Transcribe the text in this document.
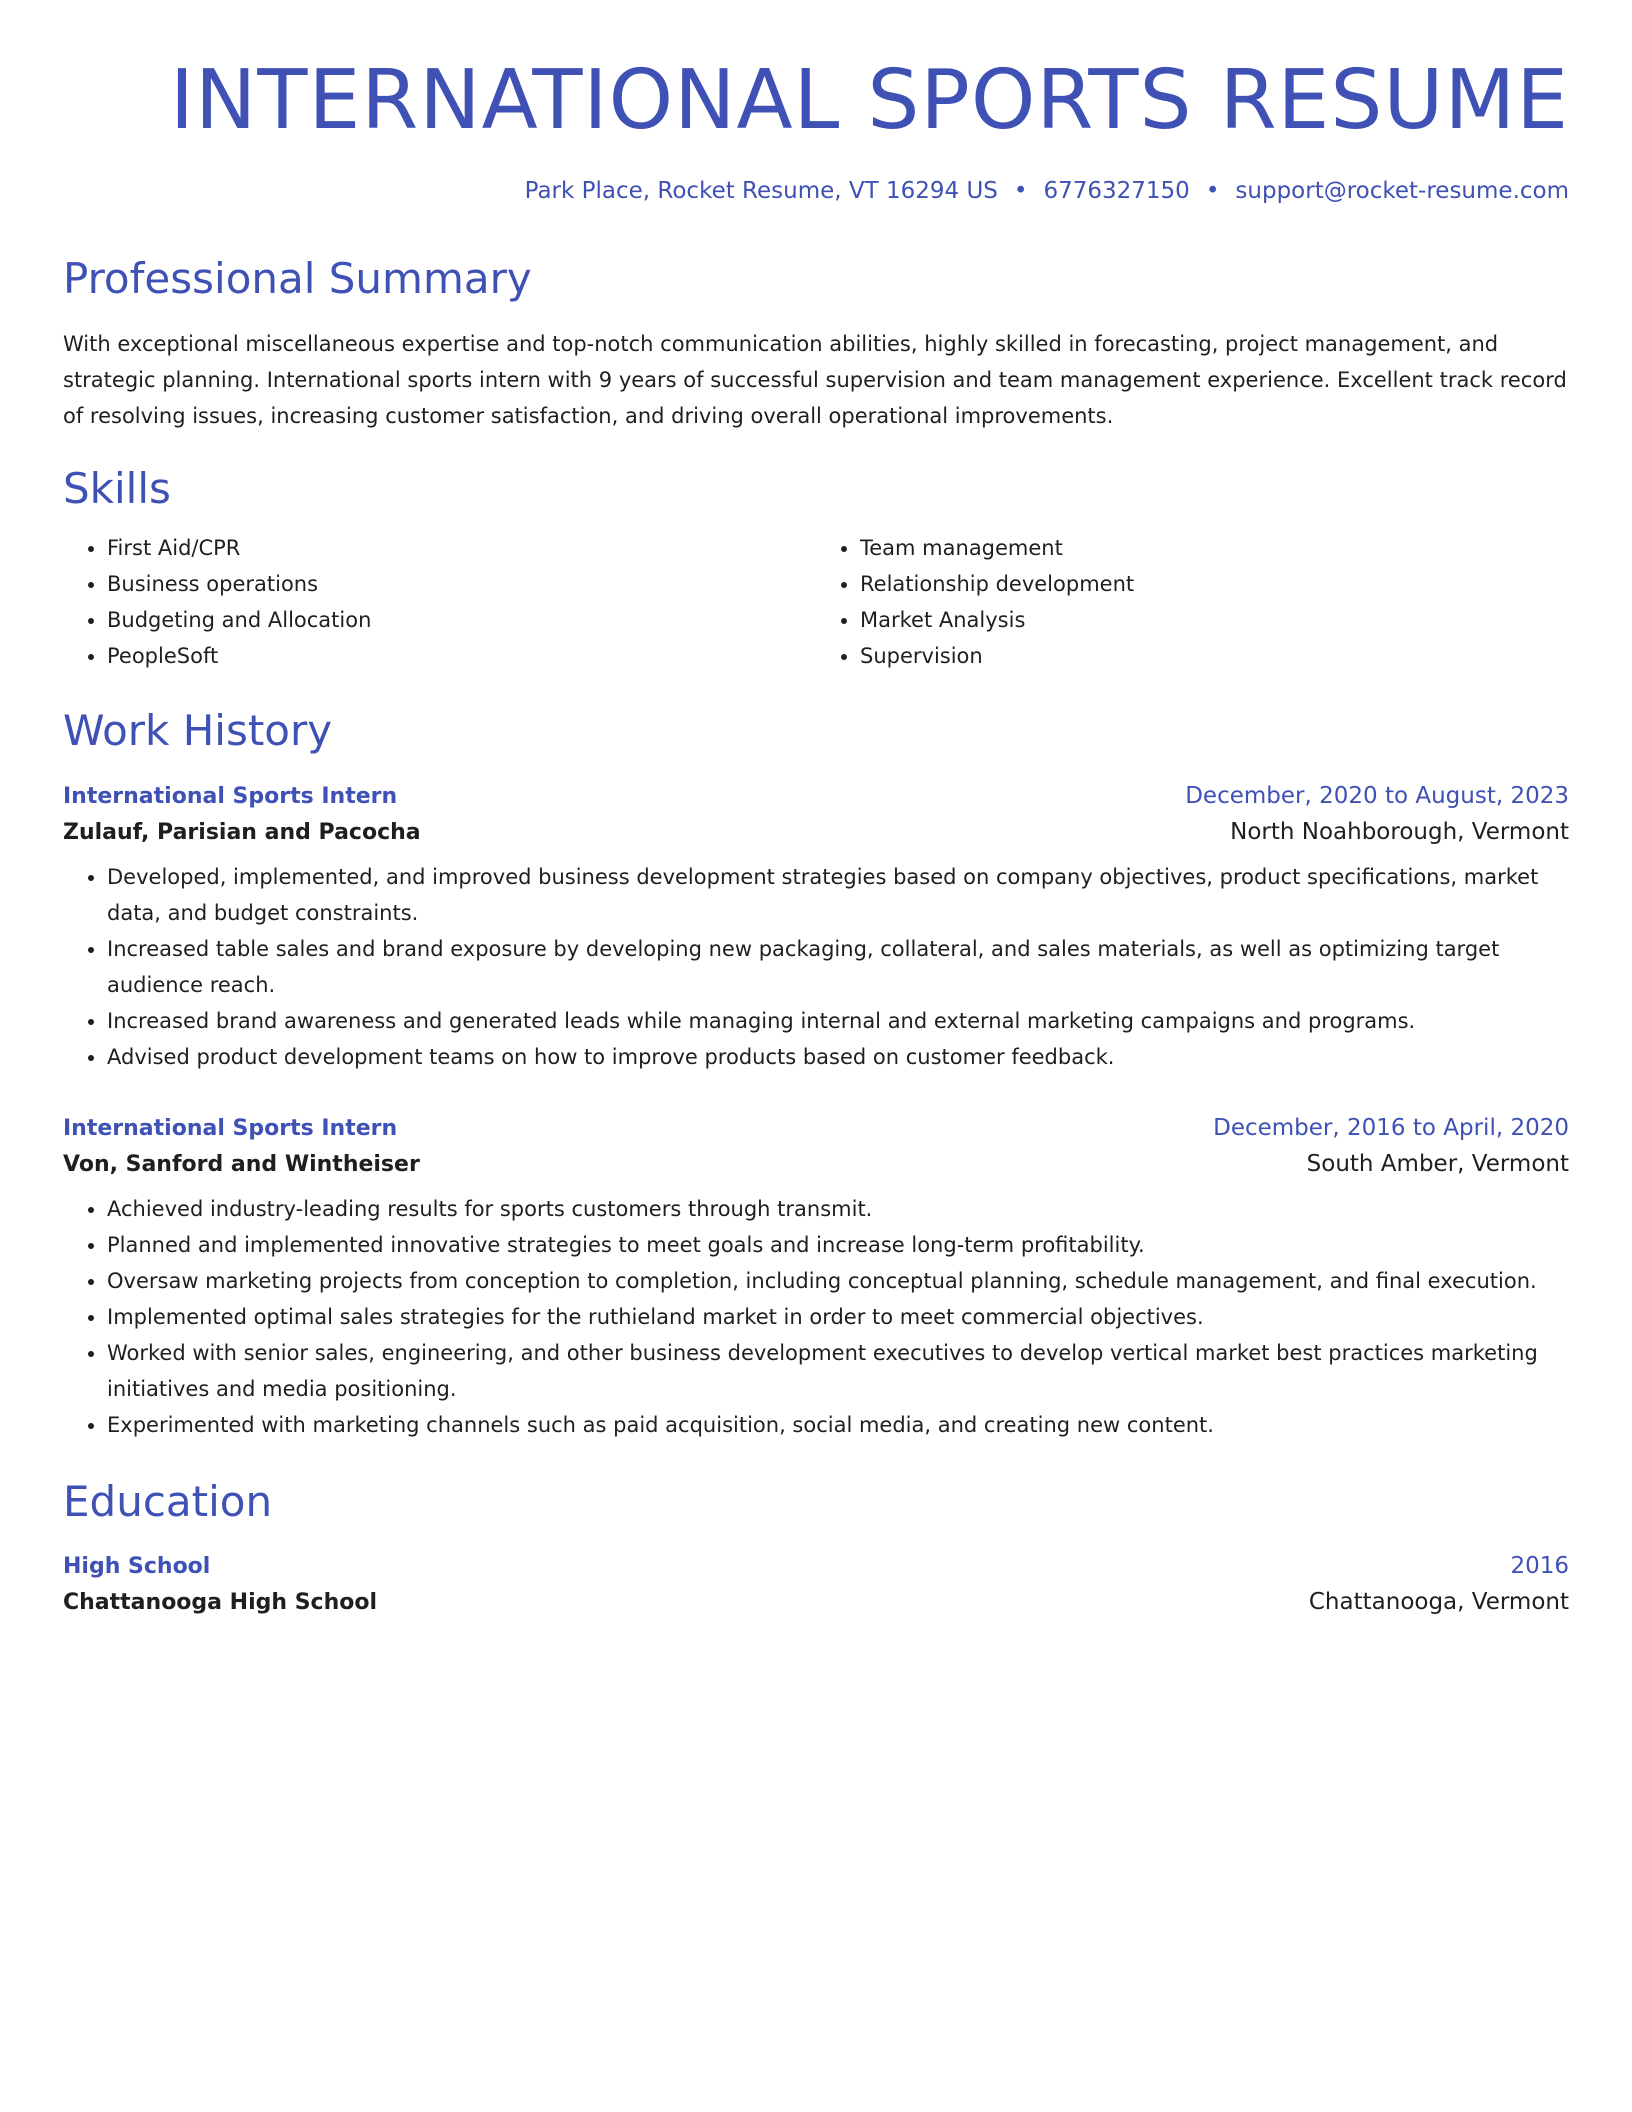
INTERNATIONAL SPORTS RESUME
Park Place, Rocket Resume, VT 16294 US • 6776327150 • support@rocket-resume.com
Professional Summary

With exceptional miscellaneous expertise and top-notch communication abilities, highly skilled in forecasting, project management, and strategic planning. International sports intern with 9 years of successful supervision and team management experience. Excellent track record of resolving issues, increasing customer satisfaction, and driving overall operational improvements.

Skills
• First Aid/CPR
• Business operations
• Budgeting and Allocation
• PeopleSoft
• Team management
• Relationship development
• Market Analysis
• Supervision
Work History
International Sports Intern	December, 2020 to August, 2023
Zulauf, Parisian and Pacocha	North Noahborough, Vermont
• Developed, implemented, and improved business development strategies based on company objectives, product specifications, market data, and budget constraints.
• Increased table sales and brand exposure by developing new packaging, collateral, and sales materials, as well as optimizing target audience reach.
• Increased brand awareness and generated leads while managing internal and external marketing campaigns and programs.
• Advised product development teams on how to improve products based on customer feedback.
International Sports Intern	December, 2016 to April, 2020
Von, Sanford and Wintheiser	South Amber, Vermont
• Achieved industry-leading results for sports customers through transmit.
• Planned and implemented innovative strategies to meet goals and increase long-term profitability.
• Oversaw marketing projects from conception to completion, including conceptual planning, schedule management, and final execution.
• Implemented optimal sales strategies for the ruthieland market in order to meet commercial objectives.
• Worked with senior sales, engineering, and other business development executives to develop vertical market best practices marketing initiatives and media positioning.
• Experimented with marketing channels such as paid acquisition, social media, and creating new content.
Education
High School	2016
Chattanooga High School	Chattanooga, Vermont
